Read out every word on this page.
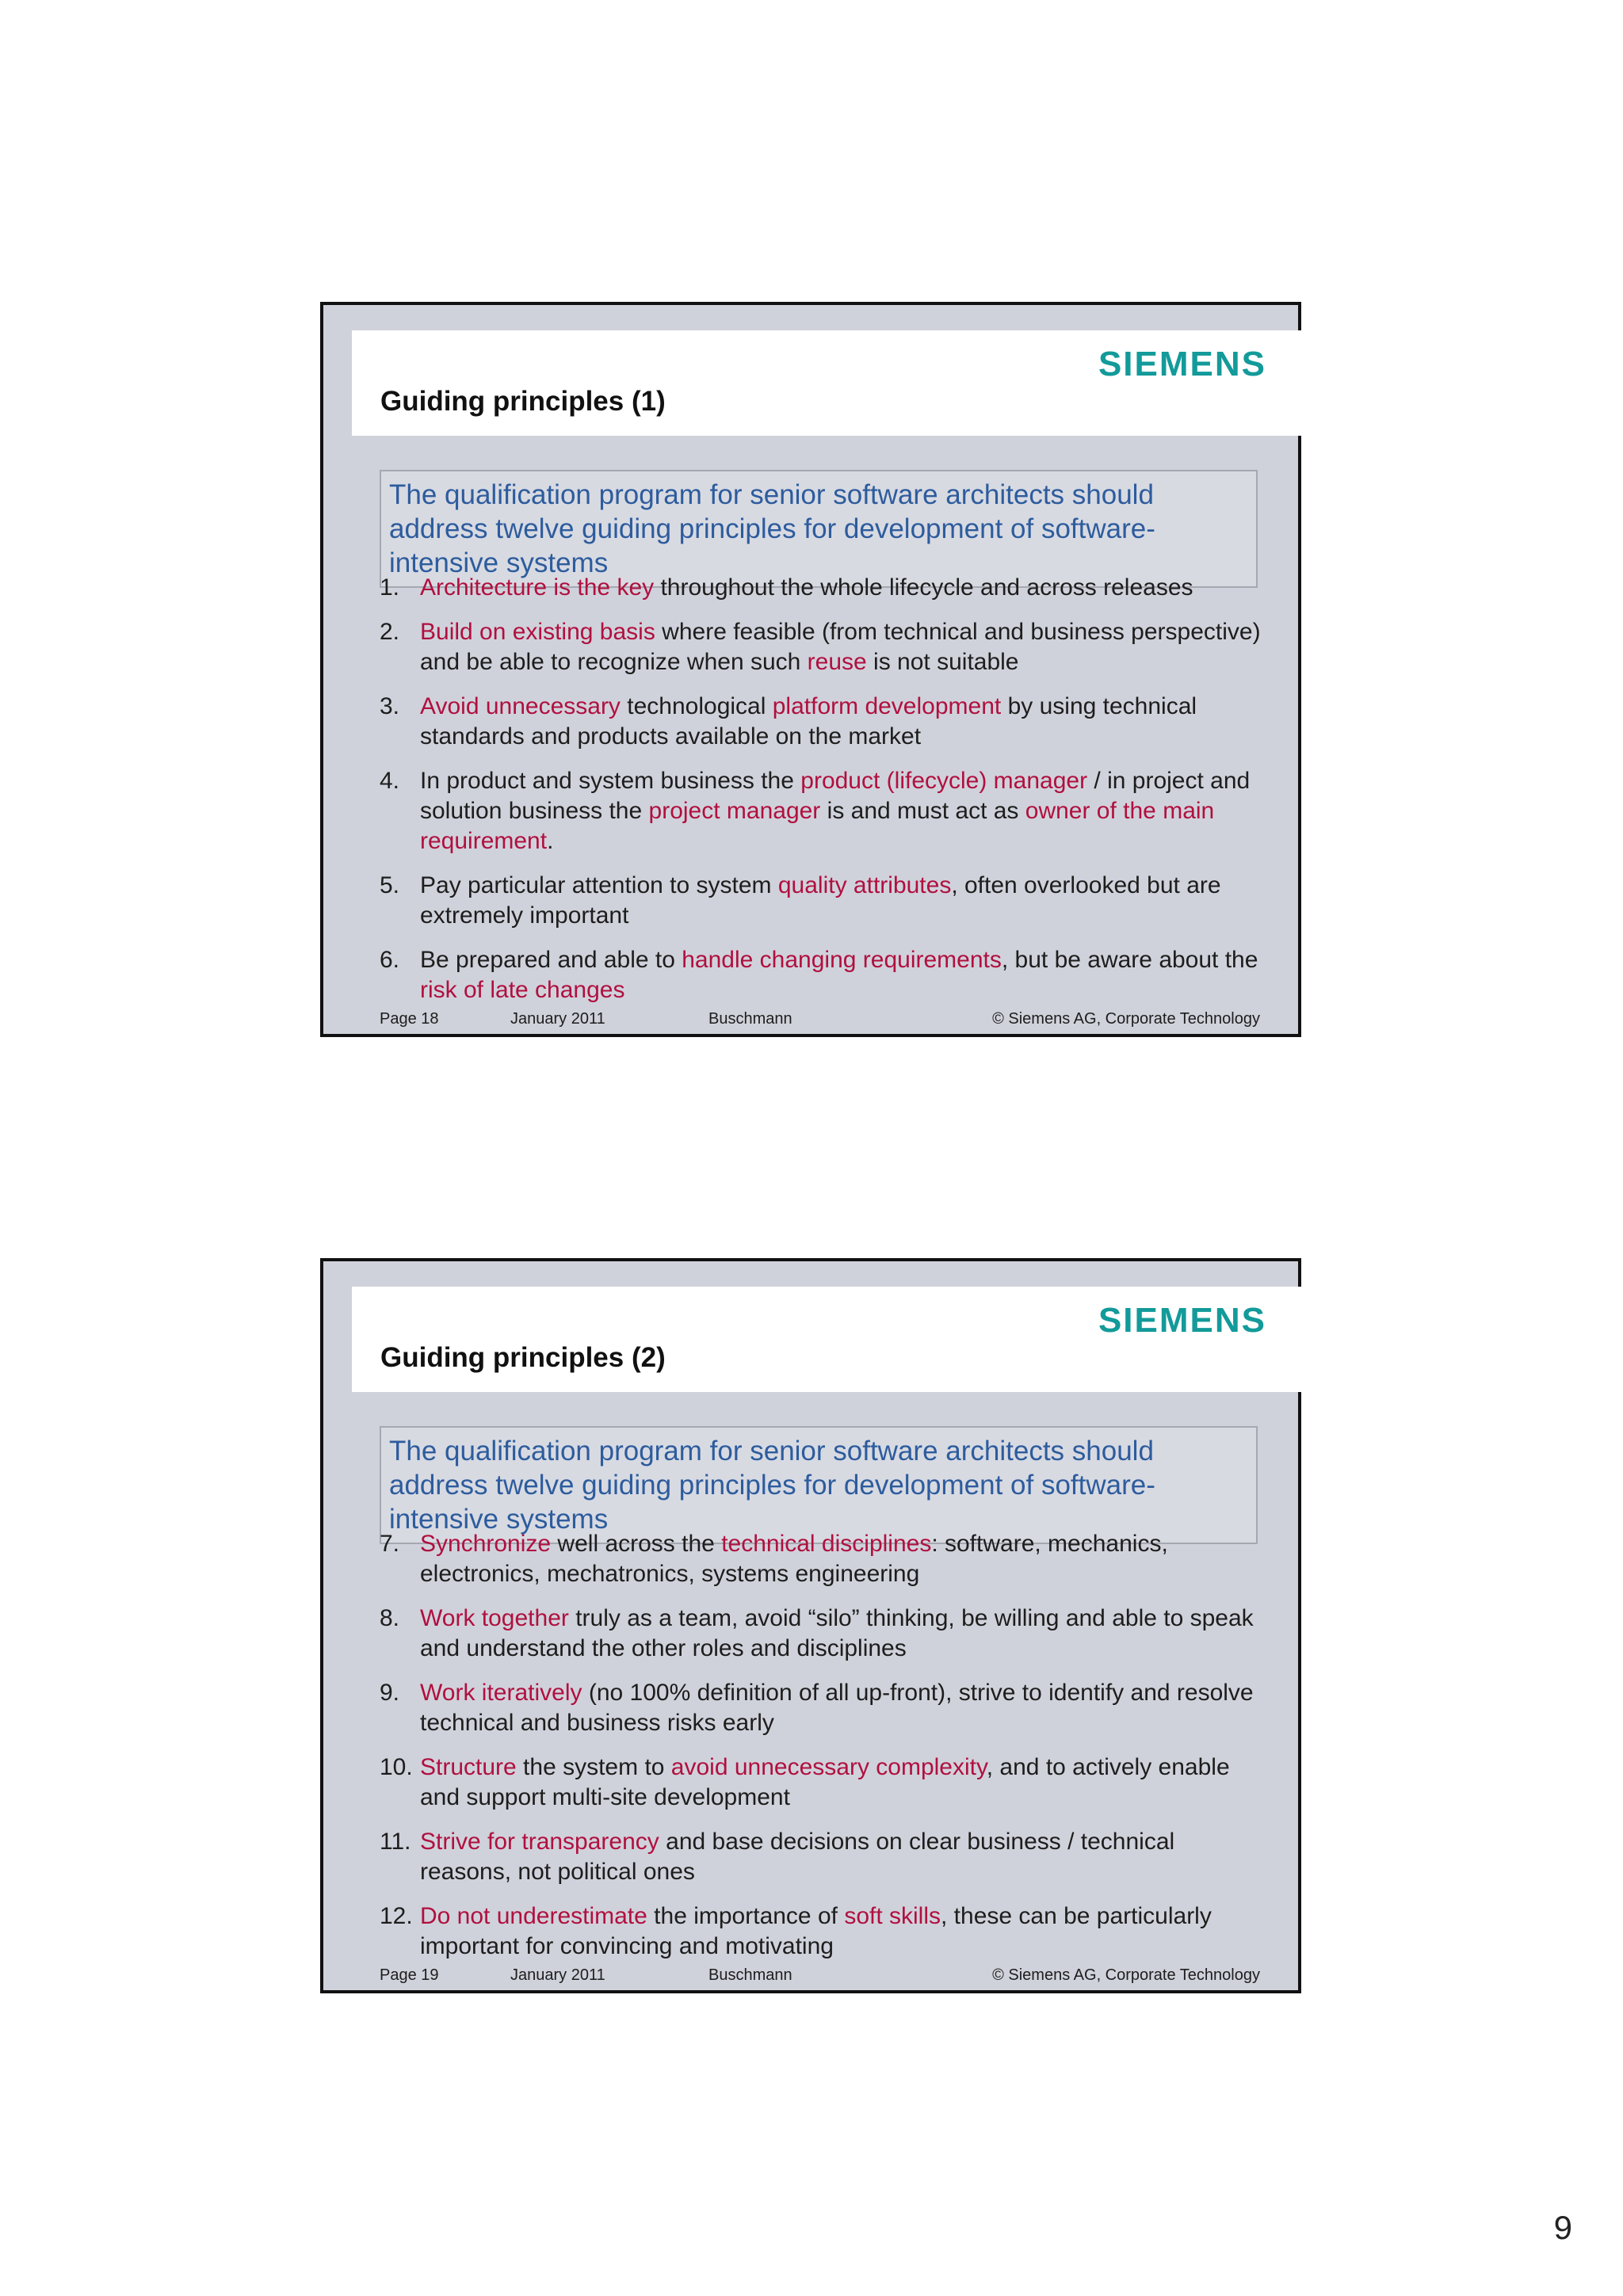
Guiding principles (1)
SIEMENS
The qualification program for senior software architects should address twelve guiding principles for development of software-intensive systems
1. Architecture is the key throughout the whole lifecycle and across releases
2. Build on existing basis where feasible (from technical and business perspective) and be able to recognize when such reuse is not suitable
3. Avoid unnecessary technological platform development by using technical standards and products available on the market
4. In product and system business the product (lifecycle) manager / in project and solution business the project manager is and must act as owner of the main requirement.
5. Pay particular attention to system quality attributes, often overlooked but are extremely important
6. Be prepared and able to handle changing requirements, but be aware about the risk of late changes
Page 18	January 2011	Buschmann	© Siemens AG, Corporate Technology
Guiding principles (2)
SIEMENS
The qualification program for senior software architects should address twelve guiding principles for development of software-intensive systems
7. Synchronize well across the technical disciplines: software, mechanics, electronics, mechatronics, systems engineering
8. Work together truly as a team, avoid “silo” thinking, be willing and able to speak and understand the other roles and disciplines
9. Work iteratively (no 100% definition of all up-front), strive to identify and resolve technical and business risks early
10. Structure the system to avoid unnecessary complexity, and to actively enable and support multi-site development
11. Strive for transparency and base decisions on clear business / technical reasons, not political ones
12. Do not underestimate the importance of soft skills, these can be particularly important for convincing and motivating
Page 19	January 2011	Buschmann	© Siemens AG, Corporate Technology
9
